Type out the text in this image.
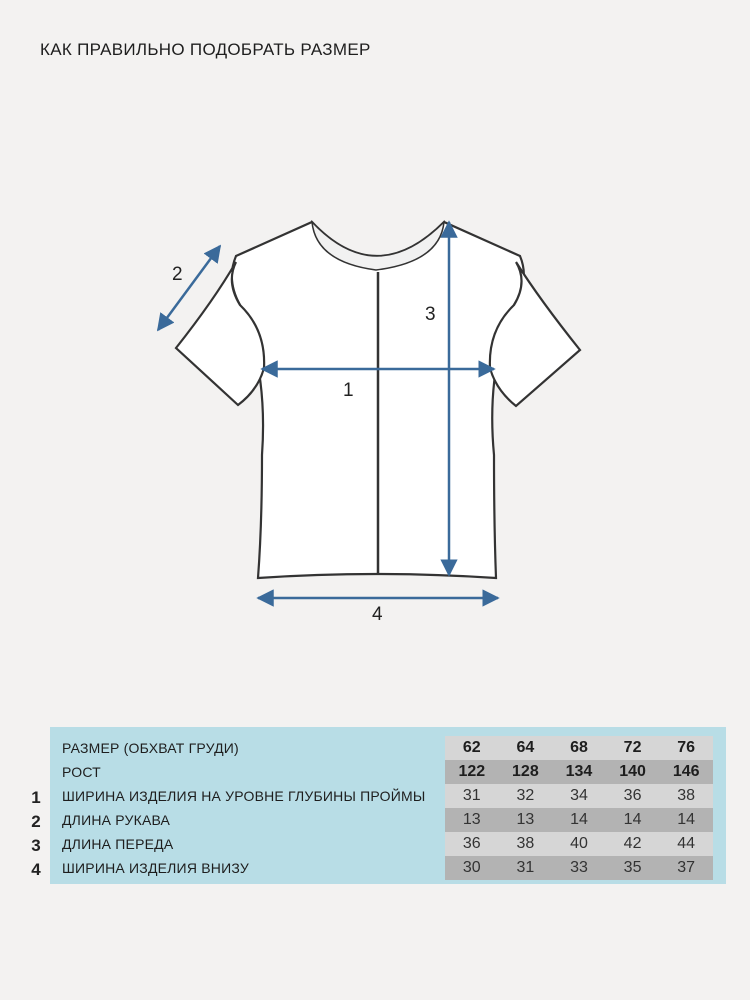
КАК ПРАВИЛЬНО ПОДОБРАТЬ РАЗМЕР
1
2
3
4
РАЗМЕР (ОБХВАТ ГРУДИ)	62	64	68	72	76
РОСТ	122	128	134	140	146
ШИРИНА ИЗДЕЛИЯ НА УРОВНЕ ГЛУБИНЫ ПРОЙМЫ	31	32	34	36	38
ДЛИНА РУКАВА	13	13	14	14	14
ДЛИНА ПЕРЕДА	36	38	40	42	44
ШИРИНА ИЗДЕЛИЯ ВНИЗУ	30	31	33	35	37
1
2
3
4
